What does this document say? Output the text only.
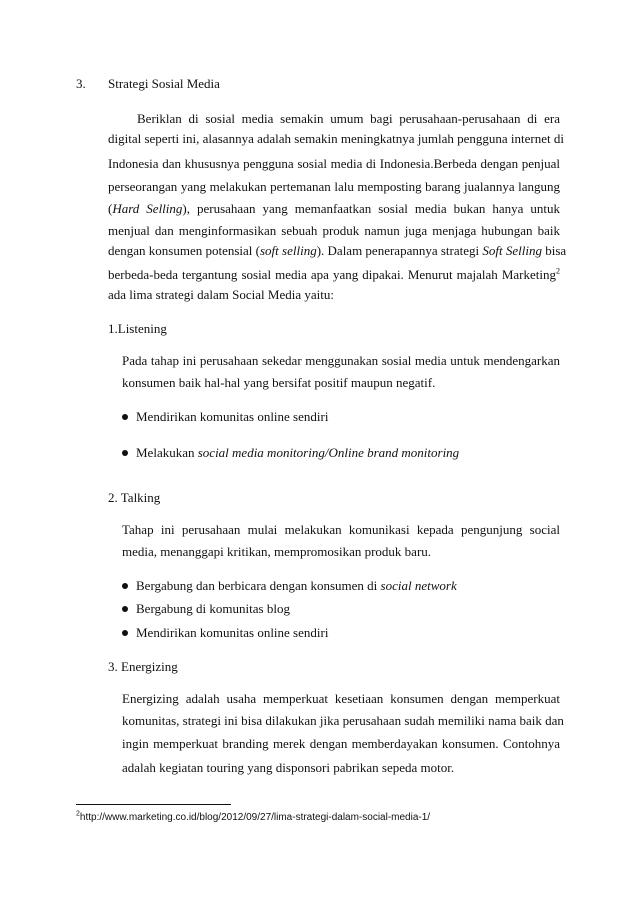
3. Strategi Sosial Media
Beriklan di sosial media semakin umum bagi perusahaan-perusahaan di era
digital seperti ini, alasannya adalah semakin meningkatnya jumlah pengguna internet di
Indonesia dan khususnya pengguna sosial media di Indonesia.Berbeda dengan penjual
perseorangan yang melakukan pertemanan lalu memposting barang jualannya langung
(Hard Selling), perusahaan yang memanfaatkan sosial media bukan hanya untuk
menjual dan menginformasikan sebuah produk namun juga menjaga hubungan baik
dengan konsumen potensial (soft selling). Dalam penerapannya strategi Soft Selling bisa
berbeda-beda tergantung sosial media apa yang dipakai. Menurut majalah Marketing$^2$
ada lima strategi dalam Social Media yaitu:
1.Listening
Pada tahap ini perusahaan sekedar menggunakan sosial media untuk mendengarkan
konsumen baik hal-hal yang bersifat positif maupun negatif.
Mendirikan komunitas online sendiri
Melakukan social media monitoring/Online brand monitoring
2. Talking
Tahap ini perusahaan mulai melakukan komunikasi kepada pengunjung social
media, menanggapi kritikan, mempromosikan produk baru.
Bergabung dan berbicara dengan konsumen di social network
Bergabung di komunitas blog
Mendirikan komunitas online sendiri
3. Energizing
Energizing adalah usaha memperkuat kesetiaan konsumen dengan memperkuat
komunitas, strategi ini bisa dilakukan jika perusahaan sudah memiliki nama baik dan
ingin memperkuat branding merek dengan memberdayakan konsumen. Contohnya
adalah kegiatan touring yang disponsori pabrikan sepeda motor.
$^2$http://www.marketing.co.id/blog/2012/09/27/lima-strategi-dalam-social-media-1/
